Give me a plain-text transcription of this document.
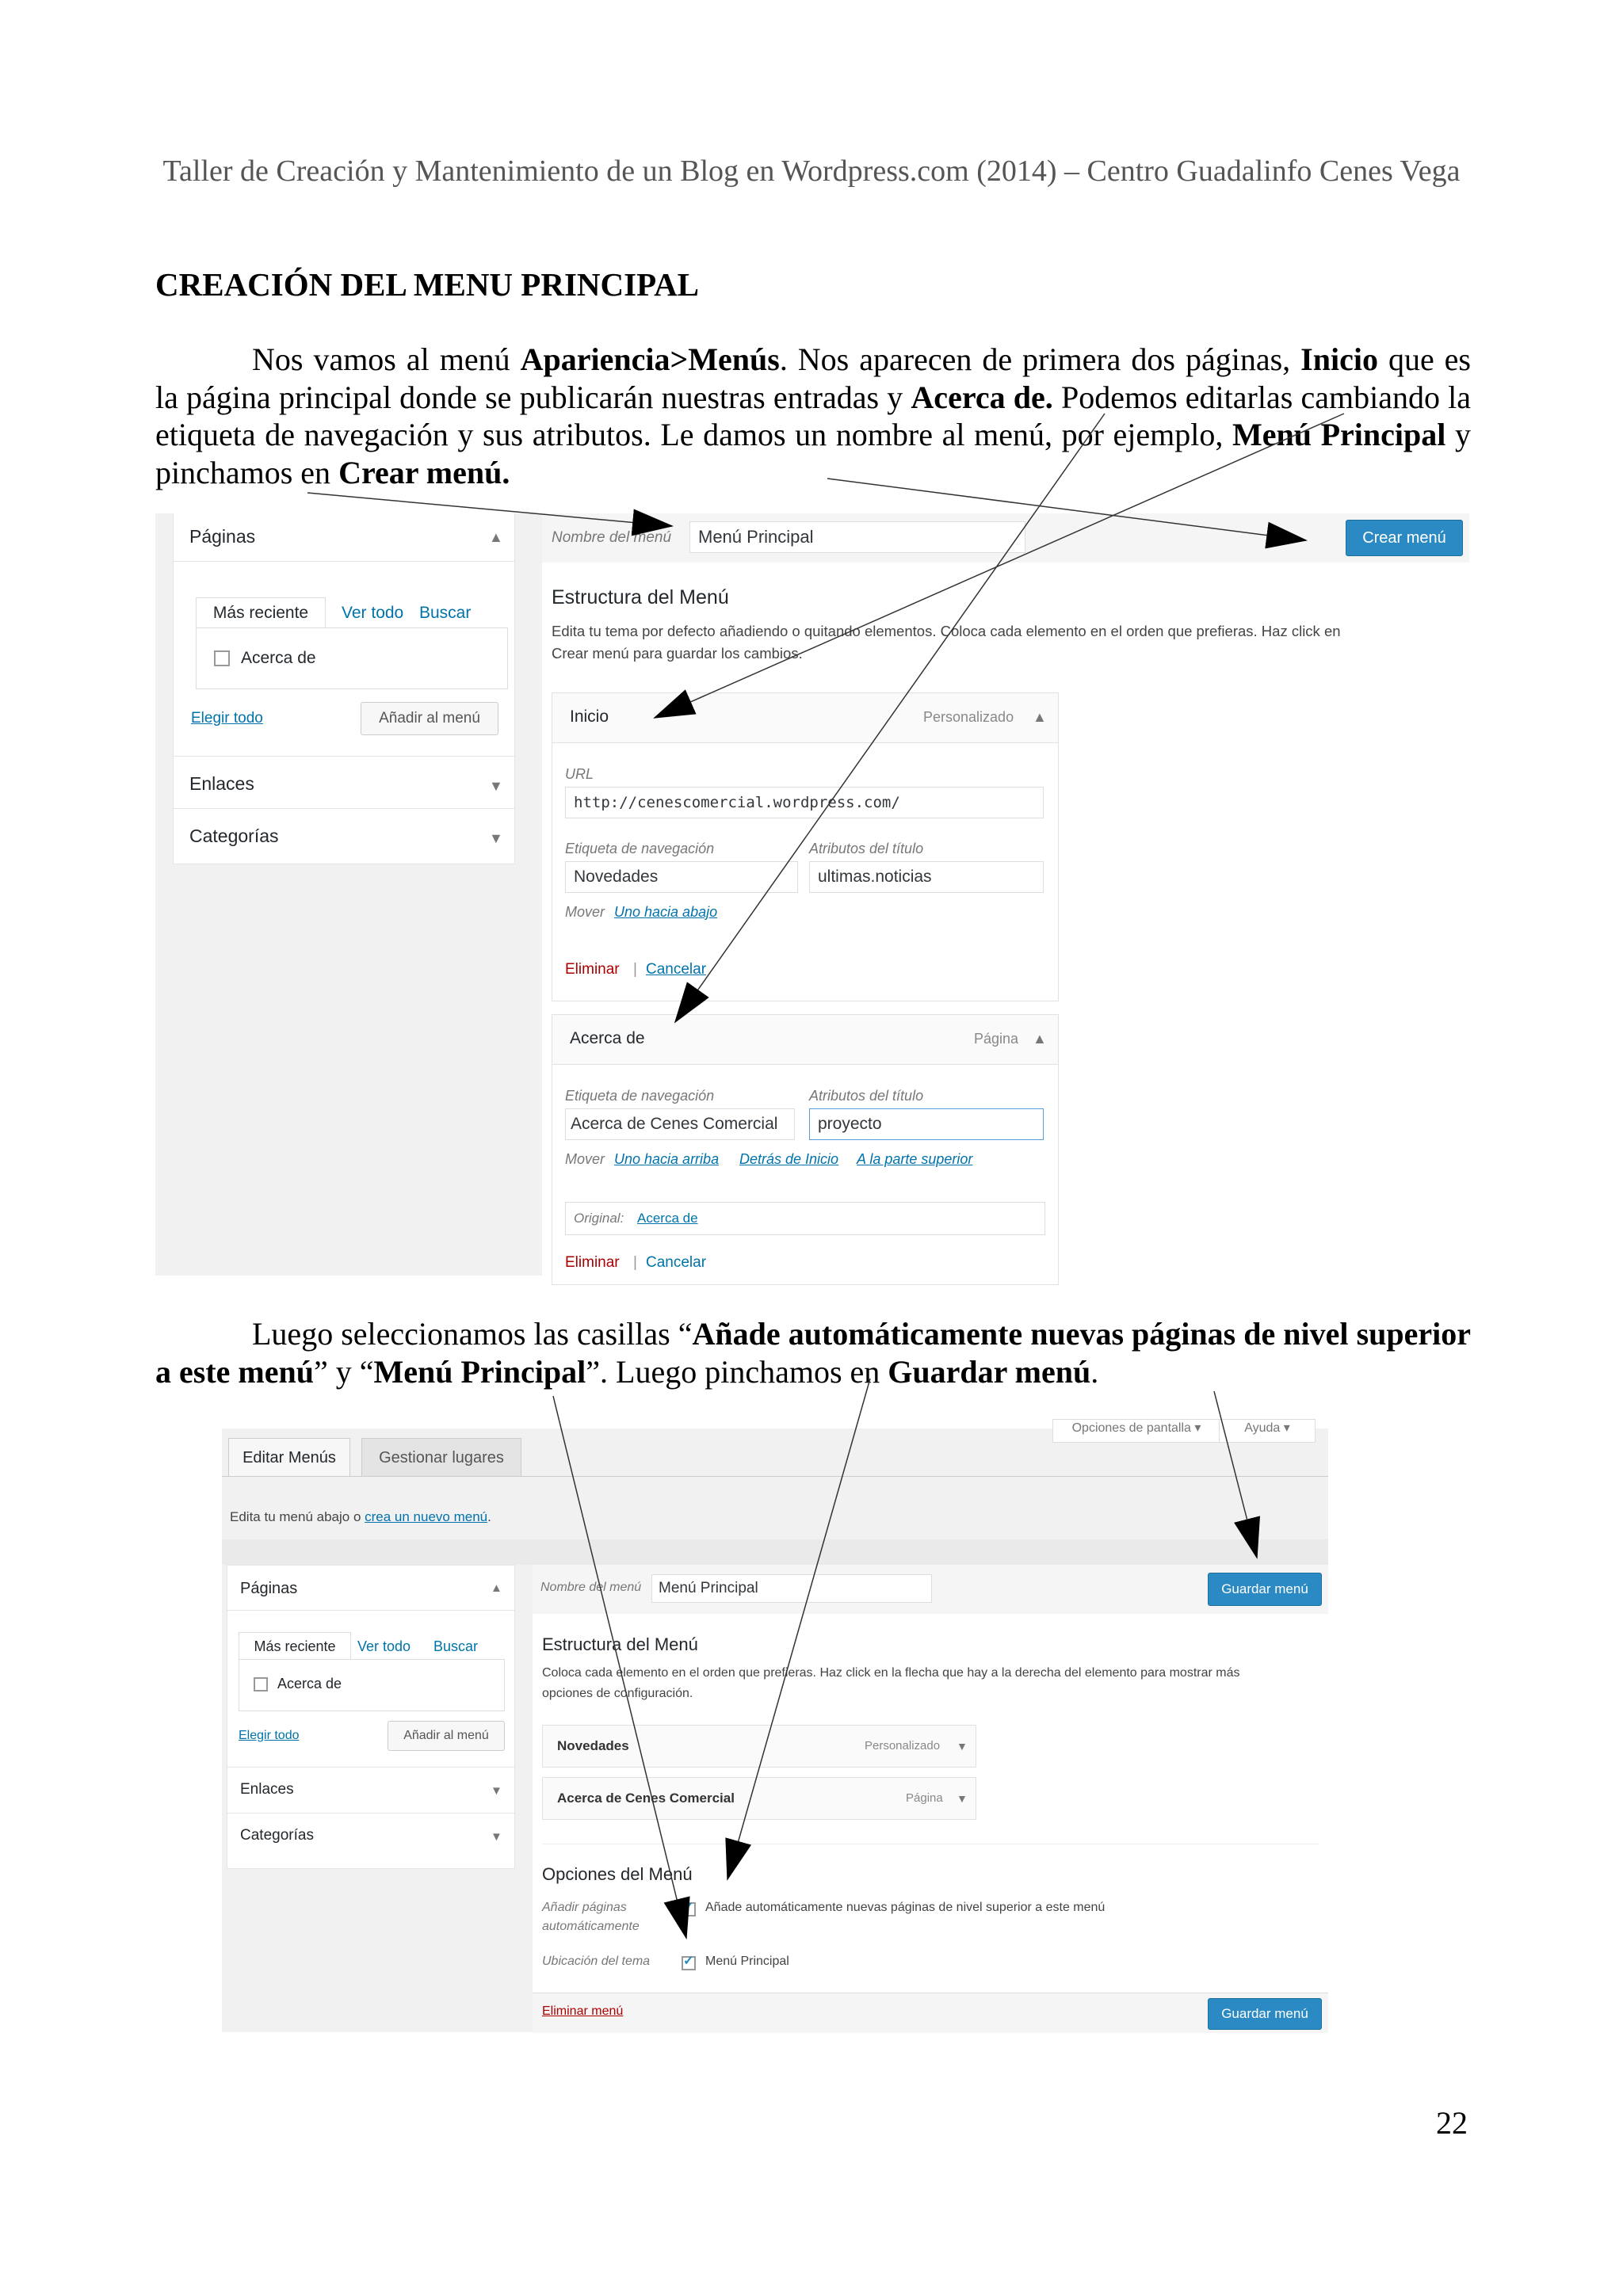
Taller de Creación y Mantenimiento de un Blog en Wordpress.com (2014) – Centro Guadalinfo Cenes Vega
CREACIÓN DEL MENU PRINCIPAL
Nos vamos al menú Apariencia>Menús. Nos aparecen de primera dos páginas, Inicio que es la página principal donde se publicarán nuestras entradas y Acerca de. Podemos editarlas cambiando la etiqueta de navegación y sus atributos. Le damos un nombre al menú, por ejemplo, Menú Principal y pinchamos en Crear menú.
Páginas	▲
Más reciente	Ver todo Buscar
Acerca de
Elegir todo	Añadir al menú
Enlaces	▼
Categorías	▼
Nombre del menú	Menú Principal	Crear menú
Estructura del Menú
Edita tu tema por defecto añadiendo o quitando elementos. Coloca cada elemento en el orden que prefieras. Haz click en
Crear menú para guardar los cambios.
Inicio	Personalizado ▲
URL
http://cenescomercial.wordpress.com/
Etiqueta de navegación
Novedades
Atributos del título
ultimas.noticias
Mover Uno hacia abajo
Eliminar | Cancelar
Acerca de	Página ▲
Etiqueta de navegación
Acerca de Cenes Comercial
Atributos del título
proyecto
Mover Uno hacia arriba Detrás de Inicio A la parte superior
Original: Acerca de
Eliminar | Cancelar
Luego seleccionamos las casillas “Añade automáticamente nuevas páginas de nivel superior a este menú” y “Menú Principal”. Luego pinchamos en Guardar menú.
Editar Menús	Gestionar lugares
Opciones de pantalla ▾	Ayuda ▾
Edita tu menú abajo o crea un nuevo menú.
Páginas	▲
Más reciente	Ver todo Buscar
Acerca de
Elegir todo	Añadir al menú
Enlaces	▼
Categorías	▼
Nombre del menú	Menú Principal	Guardar menú
Estructura del Menú
Coloca cada elemento en el orden que prefieras. Haz click en la flecha que hay a la derecha del elemento para mostrar más
opciones de configuración.
Novedades	Personalizado ▼
Acerca de Cenes Comercial	Página ▼
Opciones del Menú
Añadir páginas
automáticamente
✓ Añade automáticamente nuevas páginas de nivel superior a este menú
Ubicación del tema	✓ Menú Principal
Eliminar menú	Guardar menú
22
